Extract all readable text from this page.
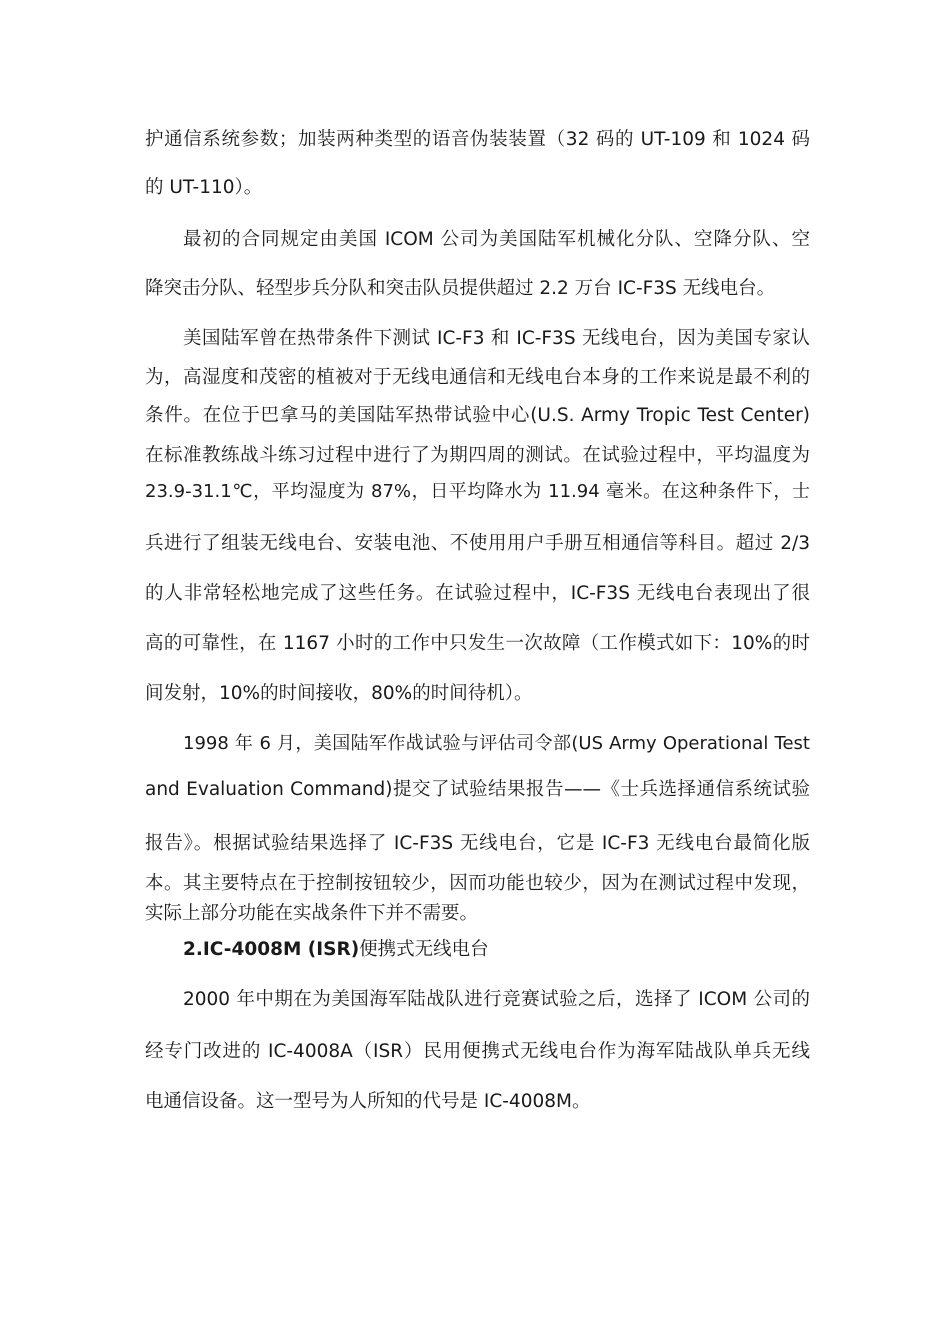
护通信系统参数；加装两种类型的语音伪装装置（32 码的 UT-109 和 1024 码
的 UT-110）。
最初的合同规定由美国 ICOM 公司为美国陆军机械化分队、空降分队、空
降突击分队、轻型步兵分队和突击队员提供超过 2.2 万台 IC-F3S 无线电台。
美国陆军曾在热带条件下测试 IC-F3 和 IC-F3S 无线电台，因为美国专家认
为，高湿度和茂密的植被对于无线电通信和无线电台本身的工作来说是最不利的
条件。在位于巴拿马的美国陆军热带试验中心(U.S. Army Tropic Test Center)
在标准教练战斗练习过程中进行了为期四周的测试。在试验过程中，平均温度为
23.9-31.1℃，平均湿度为 87%，日平均降水为 11.94 毫米。在这种条件下，士
兵进行了组装无线电台、安装电池、不使用用户手册互相通信等科目。超过 2/3
的人非常轻松地完成了这些任务。在试验过程中，IC-F3S 无线电台表现出了很
高的可靠性，在 1167 小时的工作中只发生一次故障（工作模式如下：10%的时
间发射，10%的时间接收，80%的时间待机）。
1998 年 6 月，美国陆军作战试验与评估司令部(US Army Operational Test
and Evaluation Command)提交了试验结果报告——《士兵选择通信系统试验
报告》。根据试验结果选择了 IC-F3S 无线电台，它是 IC-F3 无线电台最简化版
本。其主要特点在于控制按钮较少，因而功能也较少，因为在测试过程中发现，
实际上部分功能在实战条件下并不需要。
2.IC-4008M (ISR)便携式无线电台
2000 年中期在为美国海军陆战队进行竞赛试验之后，选择了 ICOM 公司的
经专门改进的 IC-4008A（ISR）民用便携式无线电台作为海军陆战队单兵无线
电通信设备。这一型号为人所知的代号是 IC-4008M。
